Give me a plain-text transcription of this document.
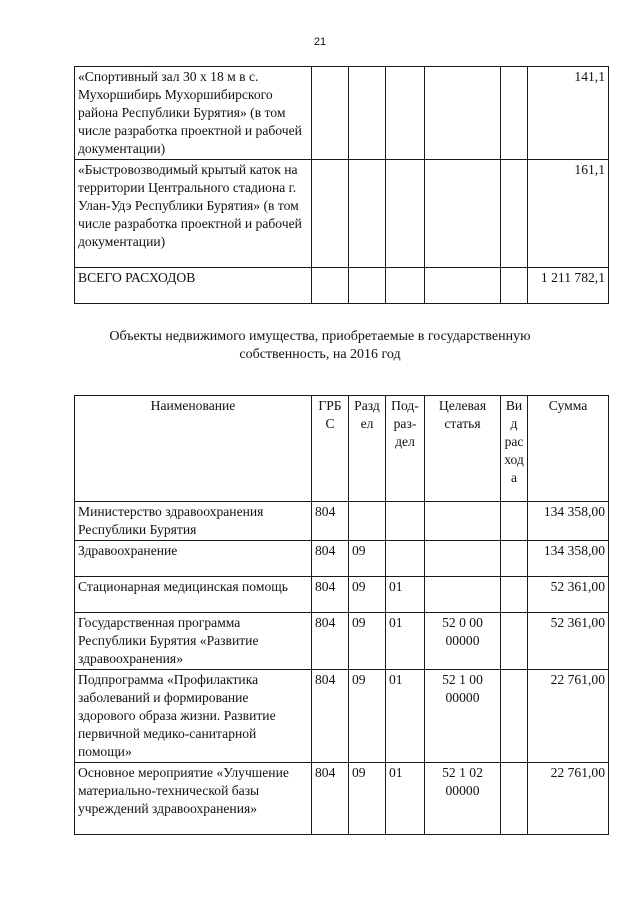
21
«Спортивный зал 30 х 18 м в с. Мухоршибирь Мухоршибирского района Республики Бурятия» (в том числе разработка проектной и рабочей документации)						141,1
«Быстровозводимый крытый каток на территории Центрального стадиона г. Улан-Удэ Республики Бурятия» (в том числе разработка проектной и рабочей документации)						161,1
ВСЕГО РАСХОДОВ						1 211 782,1
Объекты недвижимого имущества, приобретаемые в государственную
собственность, на 2016 год
Наименование	ГРБС	Раздел	Под-раз-дел	Целевая статья	Вид расхода	Сумма
Министерство здравоохранения Республики Бурятия	804					134 358,00
Здравоохранение	804	09				134 358,00
Стационарная медицинская помощь	804	09	01			52 361,00
Государственная программа Республики Бурятия «Развитие здравоохранения»	804	09	01	52 0 00 00000		52 361,00
Подпрограмма «Профилактика заболеваний и формирование здорового образа жизни. Развитие первичной медико-санитарной помощи»	804	09	01	52 1 00 00000		22 761,00
Основное мероприятие «Улучшение материально-технической базы учреждений здравоохранения»	804	09	01	52 1 02 00000		22 761,00
